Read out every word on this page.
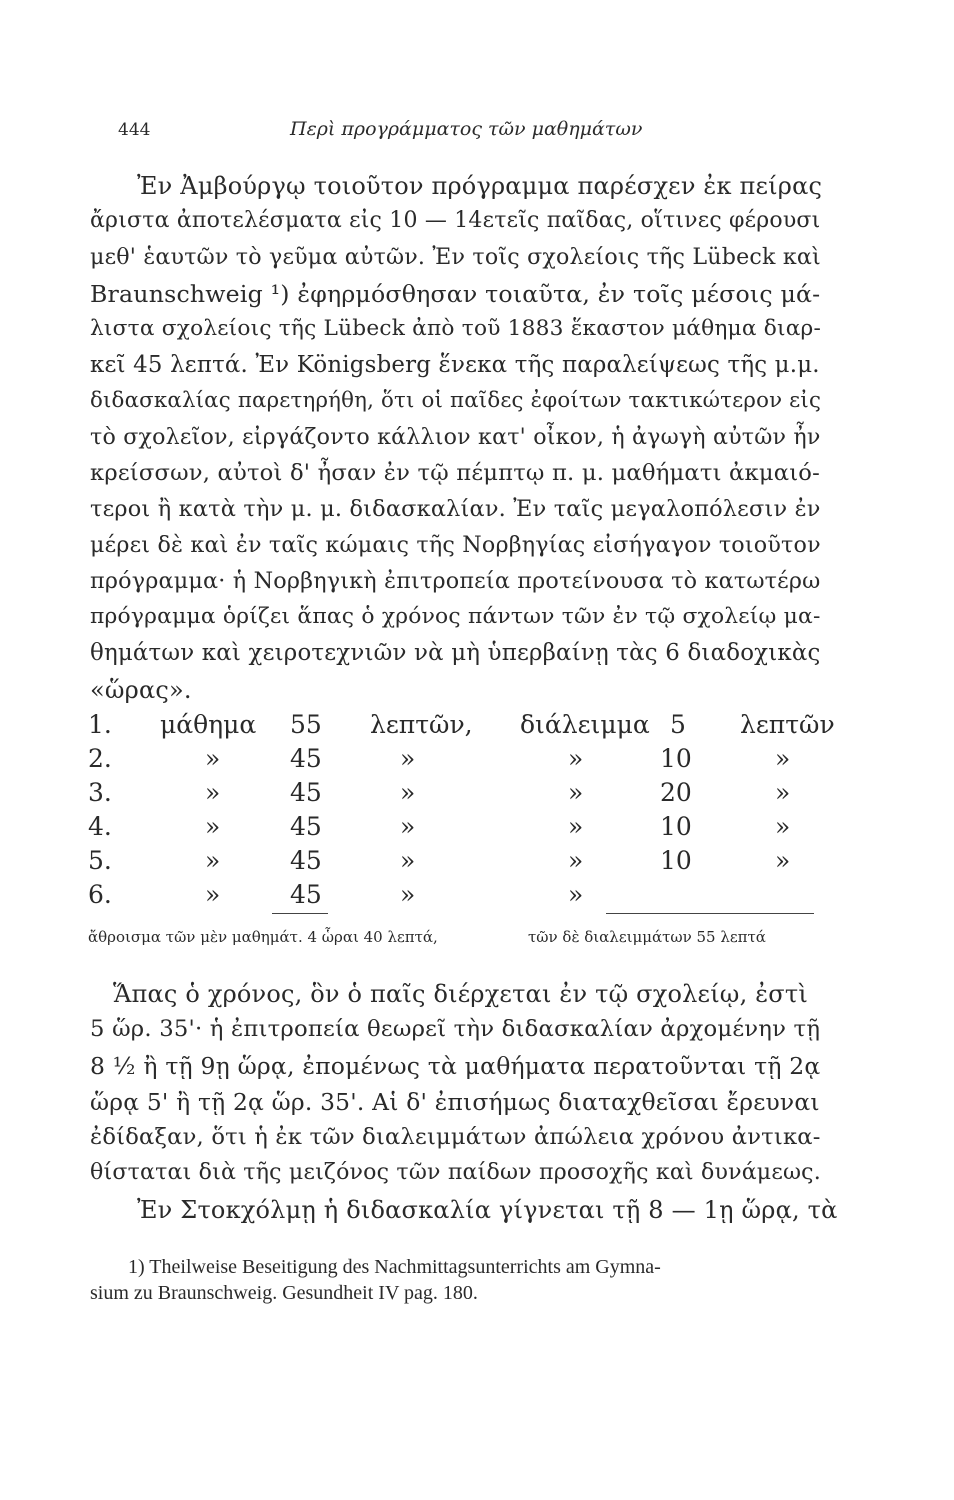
444	Περὶ προγράμματος τῶν μαθημάτων
Ἐν Ἀμβούργῳ τοιοῦτον πρόγραμμα παρέσχεν ἐκ πείρας
ἄριστα ἀποτελέσματα εἰς 10 — 14ετεῖς παῖδας, οἵτινες φέρουσι
μεθ' ἑαυτῶν τὸ γεῦμα αὐτῶν. Ἐν τοῖς σχολείοις τῆς Lübeck καὶ
Braunschweig ¹) ἐφηρμόσθησαν τοιαῦτα, ἐν τοῖς μέσοις μά-
λιστα σχολείοις τῆς Lübeck ἀπὸ τοῦ 1883 ἕκαστον μάθημα διαρ-
κεῖ 45 λεπτά. Ἐν Königsberg ἕνεκα τῆς παραλείψεως τῆς μ.μ.
διδασκαλίας παρετηρήθη, ὅτι οἱ παῖδες ἐφοίτων τακτικώτερον εἰς
τὸ σχολεῖον, εἰργάζοντο κάλλιον κατ' οἶκον, ἡ ἀγωγὴ αὐτῶν ἦν
κρείσσων, αὐτοὶ δ' ἦσαν ἐν τῷ πέμπτῳ π. μ. μαθήματι ἀκμαιό-
τεροι ἢ κατὰ τὴν μ. μ. διδασκαλίαν. Ἐν ταῖς μεγαλοπόλεσιν ἐν
μέρει δὲ καὶ ἐν ταῖς κώμαις τῆς Νορβηγίας εἰσήγαγον τοιοῦτον
πρόγραμμα· ἡ Νορβηγικὴ ἐπιτροπεία προτείνουσα τὸ κατωτέρω
πρόγραμμα ὁρίζει ἅπας ὁ χρόνος πάντων τῶν ἐν τῷ σχολείῳ μα-
θημάτων καὶ χειροτεχνιῶν νὰ μὴ ὑπερβαίνῃ τὰς 6 διαδοχικὰς
«ὥρας».
1. μάθημα 55 λεπτῶν, διάλειμμα 5 λεπτῶν
2.	»	45	»	»	10	»
3.	»	45	»	»	20	»
4.	»	45	»	»	10	»
5.	»	45	»	»	10	»
6.	»	45	»	»
ἄθροισμα τῶν μὲν μαθημάτ. 4 ὧραι 40 λεπτά,	τῶν δὲ διαλειμμάτων 55 λεπτά
Ἅπας ὁ χρόνος, ὃν ὁ παῖς διέρχεται ἐν τῷ σχολείῳ, ἐστὶ
5 ὥρ. 35'· ἡ ἐπιτροπεία θεωρεῖ τὴν διδασκαλίαν ἀρχομένην τῇ
8 ½ ἢ τῇ 9ῃ ὥρᾳ, ἐπομένως τὰ μαθήματα περατοῦνται τῇ 2ᾳ
ὥρᾳ 5' ἢ τῇ 2ᾳ ὥρ. 35'. Αἱ δ' ἐπισήμως διαταχθεῖσαι ἔρευναι
ἐδίδαξαν, ὅτι ἡ ἐκ τῶν διαλειμμάτων ἀπώλεια χρόνου ἀντικα-
θίσταται διὰ τῆς μειζόνος τῶν παίδων προσοχῆς καὶ δυνάμεως.
Ἐν Στοκχόλμῃ ἡ διδασκαλία γίγνεται τῇ 8 — 1ῃ ὥρᾳ, τὰ
1) Theilweise Beseitigung des Nachmittagsunterrichts am Gymna-
sium zu Braunschweig. Gesundheit IV pag. 180.
